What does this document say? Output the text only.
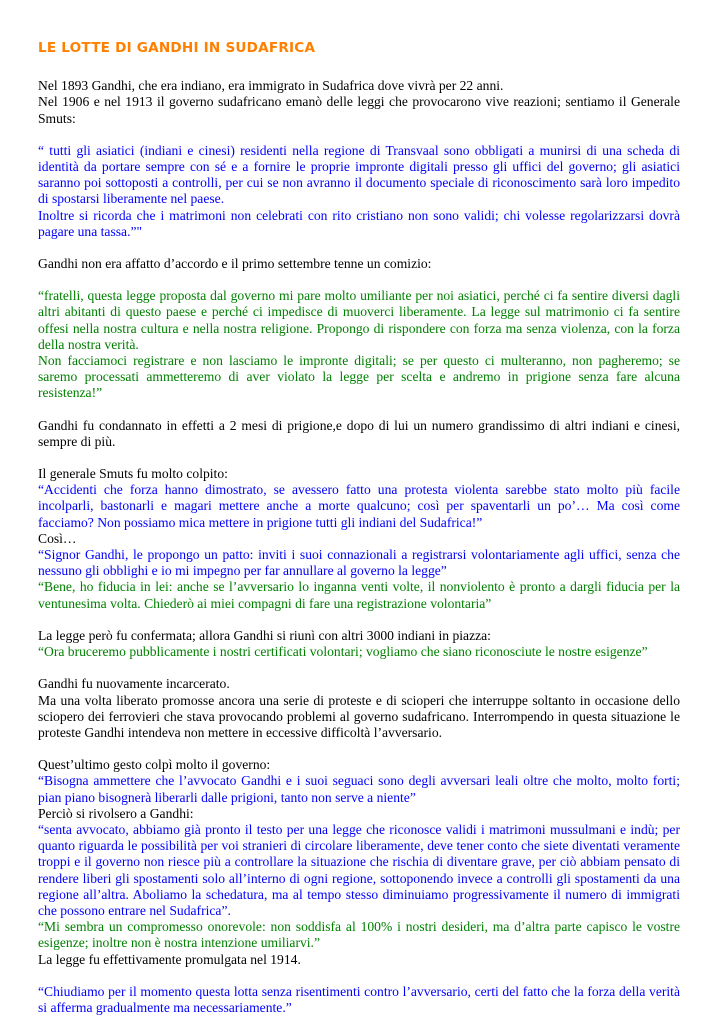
LE LOTTE DI GANDHI IN SUDAFRICA
Nel 1893 Gandhi, che era indiano, era immigrato in Sudafrica dove vivrà per 22 anni.
Nel 1906 e nel 1913 il governo sudafricano emanò delle leggi che provocarono vive reazioni; sentiamo il Generale Smuts:
“ tutti gli asiatici (indiani e cinesi) residenti nella regione di Transvaal sono obbligati a munirsi di una scheda di identità da portare sempre con sé e a fornire le proprie impronte digitali presso gli uffici del governo; gli asiatici saranno poi sottoposti a controlli, per cui se non avranno il documento speciale di riconoscimento sarà loro impedito di spostarsi liberamente nel paese.
Inoltre si ricorda che i matrimoni non celebrati con rito cristiano non sono validi; chi volesse regolarizzarsi dovrà pagare una tassa.”"
Gandhi non era affatto d’accordo e il primo settembre tenne un comizio:
“fratelli, questa legge proposta dal governo mi pare molto umiliante per noi asiatici, perché ci fa sentire diversi dagli altri abitanti di questo paese e perché ci impedisce di muoverci liberamente. La legge sul matrimonio ci fa sentire offesi nella nostra cultura e nella nostra religione. Propongo di rispondere con forza ma senza violenza, con la forza della nostra verità.
Non facciamoci registrare e non lasciamo le impronte digitali; se per questo ci multeranno, non pagheremo; se saremo processati ammetteremo di aver violato la legge per scelta e andremo in prigione senza fare alcuna resistenza!”
Gandhi fu condannato in effetti a 2 mesi di prigione,e dopo di lui un numero grandissimo di altri indiani e cinesi, sempre di più.
Il generale Smuts fu molto colpito:
“Accidenti che forza hanno dimostrato, se avessero fatto una protesta violenta sarebbe stato molto più facile incolparli, bastonarli e magari mettere anche a morte qualcuno; così per spaventarli un po’… Ma così come facciamo? Non possiamo mica mettere in prigione tutti gli indiani del Sudafrica!”
Così…
“Signor Gandhi, le propongo un patto: inviti i suoi connazionali a registrarsi volontariamente agli uffici, senza che nessuno gli obblighi e io mi impegno per far annullare al governo la legge”
“Bene, ho fiducia in lei: anche se l’avversario lo inganna venti volte, il nonviolento è pronto a dargli fiducia per la ventunesima volta. Chiederò ai miei compagni di fare una registrazione volontaria”
La legge però fu confermata; allora Gandhi si riunì con altri 3000 indiani in piazza:
“Ora bruceremo pubblicamente i nostri certificati volontari; vogliamo che siano riconosciute le nostre esigenze”
Gandhi fu nuovamente incarcerato.
Ma una volta liberato promosse ancora una serie di proteste e di scioperi che interruppe soltanto in occasione dello sciopero dei ferrovieri che stava provocando problemi al governo sudafricano. Interrompendo in questa situazione le proteste Gandhi intendeva non mettere in eccessive difficoltà l’avversario.
Quest’ultimo gesto colpì molto il governo:
“Bisogna ammettere che l’avvocato Gandhi e i suoi seguaci sono degli avversari leali oltre che molto, molto forti; pian piano bisognerà liberarli dalle prigioni, tanto non serve a niente”
Perciò si rivolsero a Gandhi:
“senta avvocato, abbiamo già pronto il testo per una legge che riconosce validi i matrimoni mussulmani e indù; per quanto riguarda le possibilità per voi stranieri di circolare liberamente, deve tener conto che siete diventati veramente troppi e il governo non riesce più a controllare la situazione che rischia di diventare grave, per ciò abbiam pensato di rendere liberi gli spostamenti solo all’interno di ogni regione, sottoponendo invece a controlli gli spostamenti da una regione all’altra. Aboliamo la schedatura, ma al tempo stesso diminuiamo progressivamente il numero di immigrati che possono entrare nel Sudafrica”.
“Mi sembra un compromesso onorevole: non soddisfa al 100% i nostri desideri, ma d’altra parte capisco le vostre esigenze; inoltre non è nostra intenzione umiliarvi.”
La legge fu effettivamente promulgata nel 1914.
“Chiudiamo per il momento questa lotta senza risentimenti contro l’avversario, certi del fatto che la forza della verità si afferma gradualmente ma necessariamente.”
